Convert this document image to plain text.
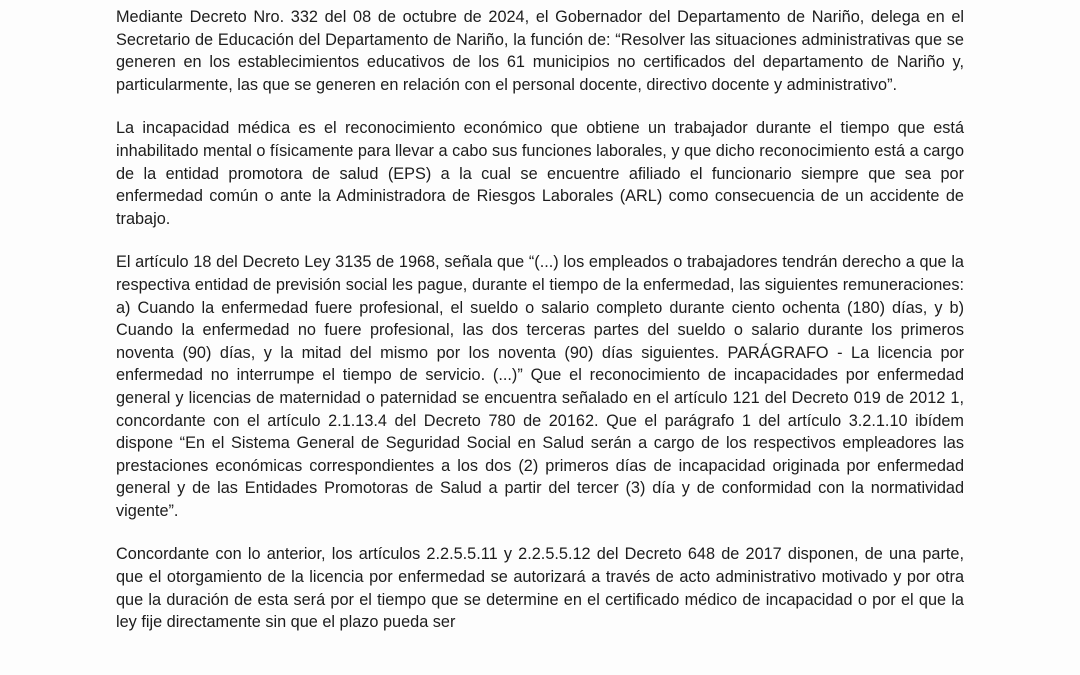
Mediante Decreto Nro. 332 del 08 de octubre de 2024, el Gobernador del Departamento de Nariño, delega en el Secretario de Educación del Departamento de Nariño, la función de: “Resolver las situaciones administrativas que se generen en los establecimientos educativos de los 61 municipios no certificados del departamento de Nariño y, particularmente, las que se generen en relación con el personal docente, directivo docente y administrativo”.

La incapacidad médica es el reconocimiento económico que obtiene un trabajador durante el tiempo que está inhabilitado mental o físicamente para llevar a cabo sus funciones laborales, y que dicho reconocimiento está a cargo de la entidad promotora de salud (EPS) a la cual se encuentre afiliado el funcionario siempre que sea por enfermedad común o ante la Administradora de Riesgos Laborales (ARL) como consecuencia de un accidente de trabajo.

El artículo 18 del Decreto Ley 3135 de 1968, señala que “(...) los empleados o trabajadores tendrán derecho a que la respectiva entidad de previsión social les pague, durante el tiempo de la enfermedad, las siguientes remuneraciones: a) Cuando la enfermedad fuere profesional, el sueldo o salario completo durante ciento ochenta (180) días, y b) Cuando la enfermedad no fuere profesional, las dos terceras partes del sueldo o salario durante los primeros noventa (90) días, y la mitad del mismo por los noventa (90) días siguientes. PARÁGRAFO - La licencia por enfermedad no interrumpe el tiempo de servicio. (...)” Que el reconocimiento de incapacidades por enfermedad general y licencias de maternidad o paternidad se encuentra señalado en el artículo 121 del Decreto 019 de 2012 1, concordante con el artículo 2.1.13.4 del Decreto 780 de 20162. Que el parágrafo 1 del artículo 3.2.1.10 ibídem dispone “En el Sistema General de Seguridad Social en Salud serán a cargo de los respectivos empleadores las prestaciones económicas correspondientes a los dos (2) primeros días de incapacidad originada por enfermedad general y de las Entidades Promotoras de Salud a partir del tercer (3) día y de conformidad con la normatividad vigente”.

Concordante con lo anterior, los artículos 2.2.5.5.11 y 2.2.5.5.12 del Decreto 648 de 2017 disponen, de una parte, que el otorgamiento de la licencia por enfermedad se autorizará a través de acto administrativo motivado y por otra que la duración de esta será por el tiempo que se determine en el certificado médico de incapacidad o por el que la ley fije directamente sin que el plazo pueda ser
